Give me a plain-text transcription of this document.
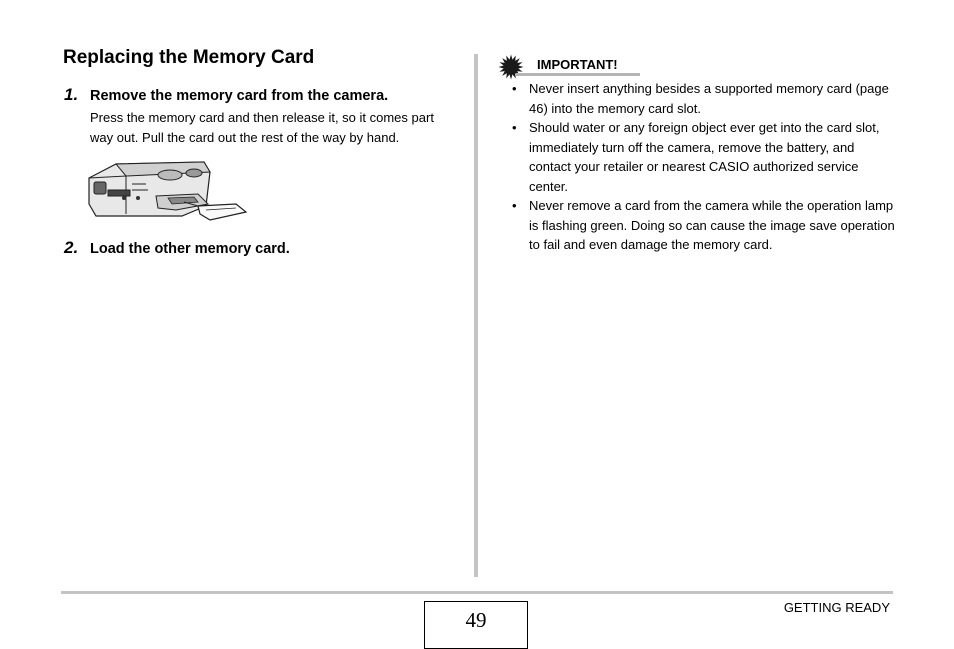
Replacing the Memory Card
1. Remove the memory card from the camera.

Press the memory card and then release it, so it comes part way out. Pull the card out the rest of the way by hand.

2. Load the other memory card.
IMPORTANT!
• Never insert anything besides a supported memory card (page 46) into the memory card slot.
• Should water or any foreign object ever get into the card slot, immediately turn off the camera, remove the battery, and contact your retailer or nearest CASIO authorized service center.
• Never remove a card from the camera while the operation lamp is flashing green. Doing so can cause the image save operation to fail and even damage the memory card.
49
GETTING READY
